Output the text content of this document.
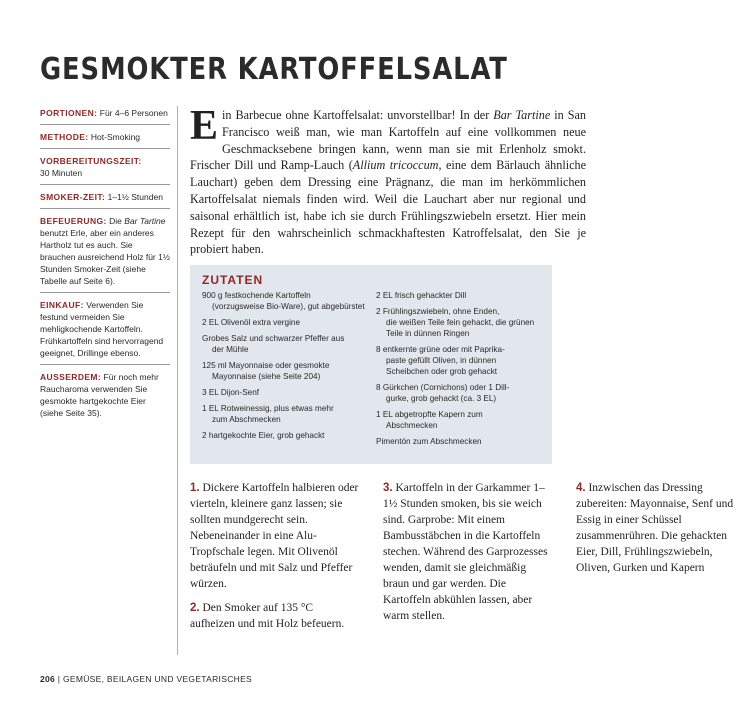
GESMOKTER KARTOFFELSALAT
PORTIONEN: Für 4–6 Personen
METHODE: Hot-Smoking
VORBEREITUNGSZEIT:
30 Minuten
SMOKER-ZEIT: 1–1½ Stunden
BEFEUERUNG: Die Bar Tartine benutzt Erle, aber ein anderes Hartholz tut es auch. Sie brauchen ausreichend Holz für 1½ Stunden Smoker-Zeit (siehe Tabelle auf Seite 6).
EINKAUF: Verwenden Sie festund vermeiden Sie mehligkochende Kartoffeln. Frühkartoffeln sind hervorragend geeignet, Drillinge ebenso.
AUSSERDEM: Für noch mehr Raucharoma verwenden Sie gesmokte hartgekochte Eier (siehe Seite 35).

Ein Barbecue ohne Kartoffelsalat: unvorstellbar! In der Bar Tartine in San Francisco weiß man, wie man Kartoffeln auf eine vollkommen neue Geschmacksebene bringen kann, wenn man sie mit Erlenholz smokt. Frischer Dill und Ramp-Lauch (Allium tricoccum, eine dem Bärlauch ähnliche Lauchart) geben dem Dressing eine Prägnanz, die man im herkömmlichen Kartoffelsalat niemals finden wird. Weil die Lauchart aber nur regional und saisonal erhältlich ist, habe ich sie durch Frühlingszwiebeln ersetzt. Hier mein Rezept für den wahrscheinlich schmackhaftesten Katroffelsalat, den Sie je probiert haben.

ZUTATEN

900 g festkochende Kartoffeln
(vorzugsweise Bio-Ware), gut abgebürstet

2 EL Olivenöl extra vergine

Grobes Salz und schwarzer Pfeffer aus
der Mühle

125 ml Mayonnaise oder gesmokte
Mayonnaise (siehe Seite 204)

3 EL Dijon-Senf

1 EL Rotweinessig, plus etwas mehr
zum Abschmecken

2 hartgekochte Eier, grob gehackt

2 EL frisch gehackter Dill

2 Frühlingszwiebeln, ohne Enden,
die weißen Teile fein gehackt, die grünen Teile in dünnen Ringen

8 entkernte grüne oder mit Paprika-
paste gefüllt Oliven, in dünnen Scheibchen oder grob gehackt

8 Gürkchen (Cornichons) oder 1 Dill-
gurke, grob gehackt (ca. 3 EL)

1 EL abgetropfte Kapern zum
Abschmecken

Pimentón zum Abschmecken

1. Dickere Kartoffeln halbieren oder vierteln, kleinere ganz lassen; sie sollten mundgerecht sein. Nebeneinander in eine Alu-Tropfschale legen. Mit Olivenöl beträufeln und mit Salz und Pfeffer würzen.

2. Den Smoker auf 135 °C aufheizen und mit Holz befeuern.

3. Kartoffeln in der Garkammer 1–1½ Stunden smoken, bis sie weich sind. Garprobe: Mit einem Bambusstäbchen in die Kartoffeln stechen. Während des Garprozesses wenden, damit sie gleichmäßig braun und gar werden. Die Kartoffeln abkühlen lassen, aber warm stellen.

4. Inzwischen das Dressing zubereiten: Mayonnaise, Senf und Essig in einer Schüssel zusammenrühren. Die gehackten Eier, Dill, Frühlingszwiebeln, Oliven, Gurken und Kapern

206 | GEMÜSE, BEILAGEN UND VEGETARISCHES
